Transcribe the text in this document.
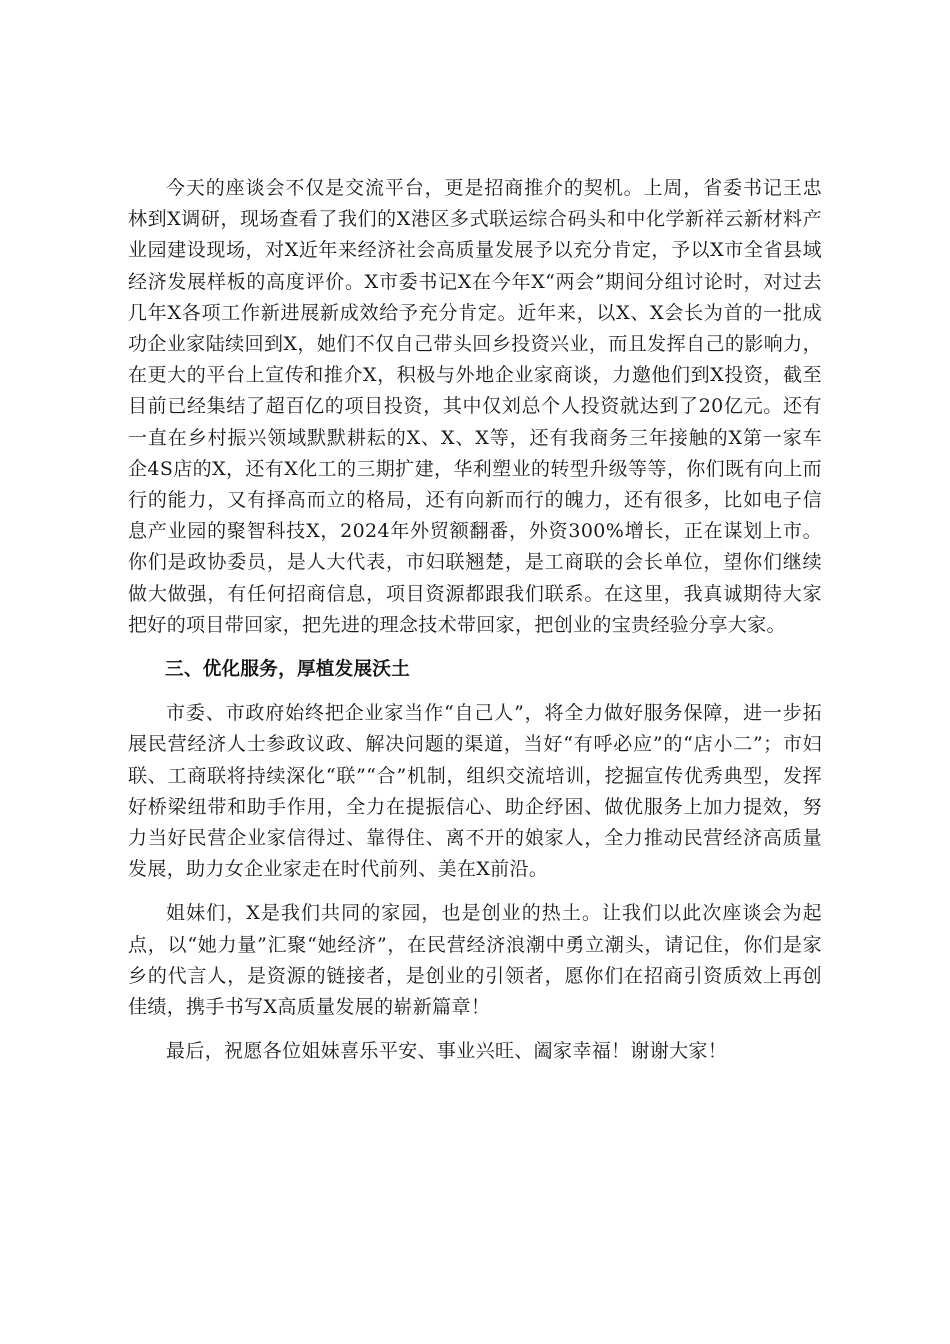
今天的座谈会不仅是交流平台，更是招商推介的契机。上周，省委书记王忠林到X调研，现场查看了我们的X港区多式联运综合码头和中化学新祥云新材料产业园建设现场，对X近年来经济社会高质量发展予以充分肯定，予以X市全省县域经济发展样板的高度评价。X市委书记X在今年X“两会”期间分组讨论时，对过去几年X各项工作新进展新成效给予充分肯定。近年来，以X、X会长为首的一批成功企业家陆续回到X，她们不仅自己带头回乡投资兴业，而且发挥自己的影响力，在更大的平台上宣传和推介X，积极与外地企业家商谈，力邀他们到X投资，截至目前已经集结了超百亿的项目投资，其中仅刘总个人投资就达到了20亿元。还有一直在乡村振兴领域默默耕耘的X、X、X等，还有我商务三年接触的X第一家车企4S店的X，还有X化工的三期扩建，华利塑业的转型升级等等，你们既有向上而行的能力，又有择高而立的格局，还有向新而行的魄力，还有很多，比如电子信息产业园的聚智科技X，2024年外贸额翻番，外资300%增长，正在谋划上市。你们是政协委员，是人大代表，市妇联翘楚，是工商联的会长单位，望你们继续做大做强，有任何招商信息，项目资源都跟我们联系。在这里，我真诚期待大家把好的项目带回家，把先进的理念技术带回家，把创业的宝贵经验分享大家。

三、优化服务，厚植发展沃土

市委、市政府始终把企业家当作“自己人”，将全力做好服务保障，进一步拓展民营经济人士参政议政、解决问题的渠道，当好“有呼必应”的“店小二”；市妇联、工商联将持续深化“联”“合”机制，组织交流培训，挖掘宣传优秀典型，发挥好桥梁纽带和助手作用，全力在提振信心、助企纾困、做优服务上加力提效，努力当好民营企业家信得过、靠得住、离不开的娘家人，全力推动民营经济高质量发展，助力女企业家走在时代前列、美在X前沿。

姐妹们，X是我们共同的家园，也是创业的热土。让我们以此次座谈会为起点，以“她力量”汇聚“她经济”，在民营经济浪潮中勇立潮头，请记住，你们是家乡的代言人，是资源的链接者，是创业的引领者，愿你们在招商引资质效上再创佳绩，携手书写X高质量发展的崭新篇章！

最后，祝愿各位姐妹喜乐平安、事业兴旺、阖家幸福！谢谢大家！
